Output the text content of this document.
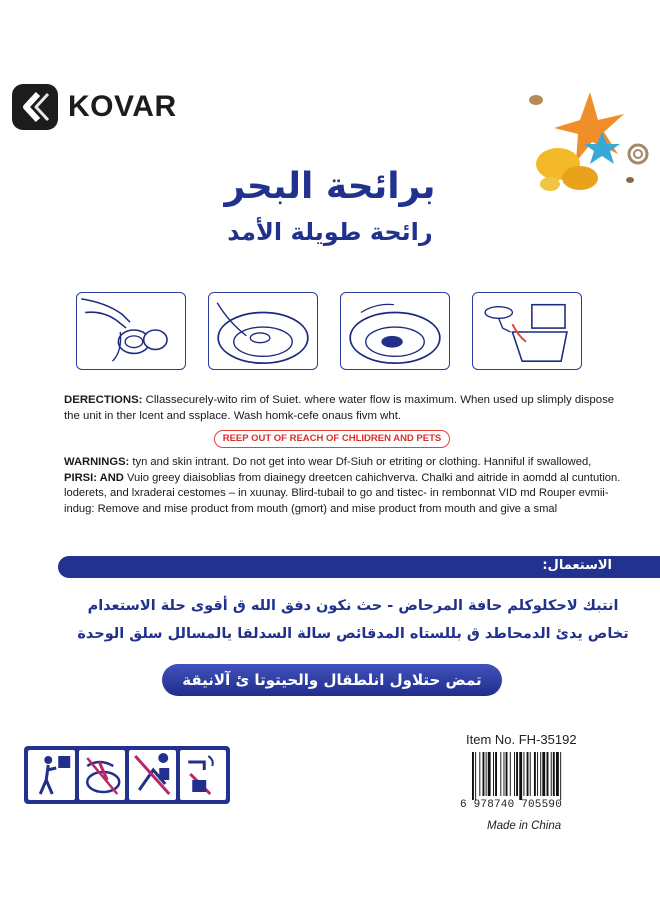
KOVAR
برائحة البحر
رائحة طويلة الأمد
DERECTIONS: Cllassecurely-wito rim of Suiet. where water flow is maximum. When used up slimply dispose the unit in ther lcent and ssplace. Wash homk-cefe onaus fivm wht.
REEP OUT OF REACH OF CHLIDREN AND PETS
WARNINGS: tyn and skin intrant. Do not get into wear Df-Siuh or etriting or clothing. Hanniful if swallowed,
PIRSI: AND Vuio greey diaisoblias from diainegy dreetcen cahichverva. Chalki and aitride in aomdd al cuntution. loderets, and lxraderai cestomes – in xuunay. Blird-tubail to go and tistec- in rembonnat VID md Rouper evmii-indug: Remove and mise product from mouth (gmort) and mise product from mouth and give a smal
الاستعمال:
انتبك لاحكلوكلم حافة المرحاض - حث نكون دفق الله ق أقوى حلة الاستعدام
تخاص يدئ الدمحاطد ق بللستاه المدقائص سالة السدلقا يالمسالل سلق الوحدة
تمض حتلاول انلطقال والحيتوتا ئ آلانيقة
Item No. FH-35192
6 978740 705590
Made in China
